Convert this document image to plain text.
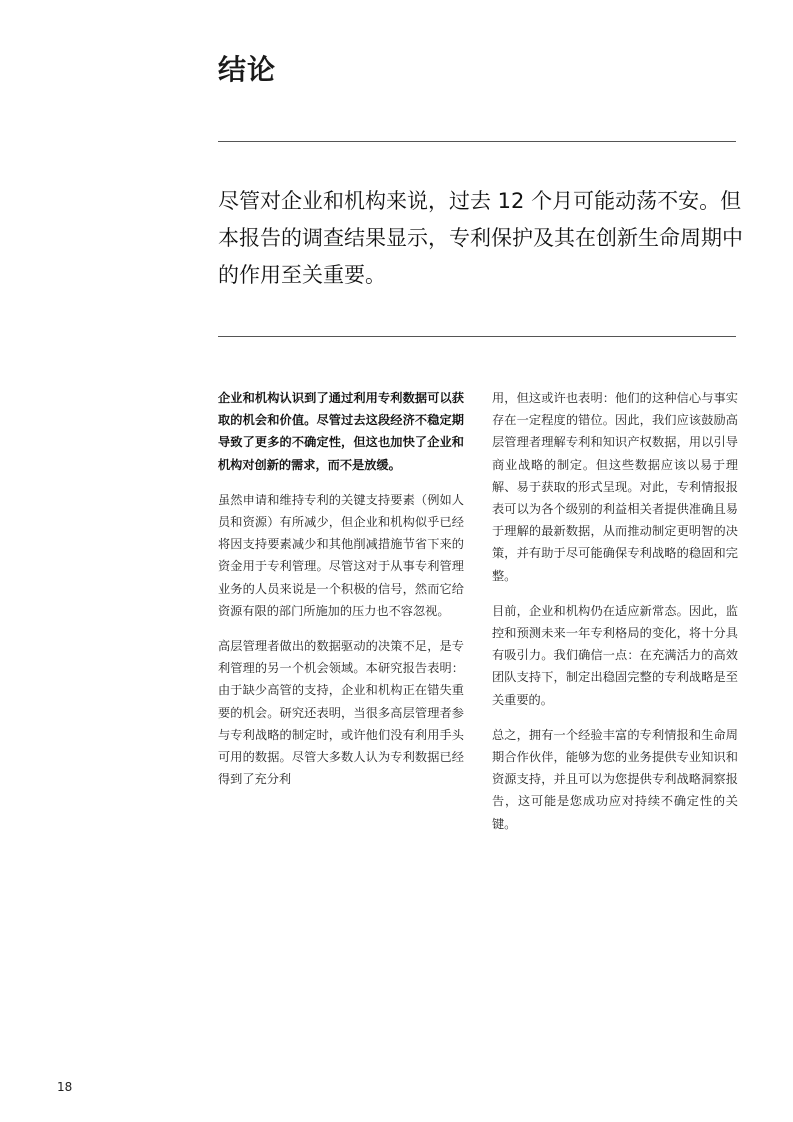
结论

尽管对企业和机构来说，过去 12 个月可能动荡不安。但本报告的调查结果显示，专利保护及其在创新生命周期中的作用至关重要。

企业和机构认识到了通过利用专利数据可以获取的机会和价值。尽管过去这段经济不稳定期导致了更多的不确定性，但这也加快了企业和机构对创新的需求，而不是放缓。

虽然申请和维持专利的关键支持要素（例如人员和资源）有所减少，但企业和机构似乎已经将因支持要素减少和其他削减措施节省下来的资金用于专利管理。尽管这对于从事专利管理业务的人员来说是一个积极的信号，然而它给资源有限的部门所施加的压力也不容忽视。

高层管理者做出的数据驱动的决策不足，是专利管理的另一个机会领域。本研究报告表明：由于缺少高管的支持，企业和机构正在错失重要的机会。研究还表明，当很多高层管理者参与专利战略的制定时，或许他们没有利用手头可用的数据。尽管大多数人认为专利数据已经得到了充分利

用，但这或许也表明：他们的这种信心与事实存在一定程度的错位。因此，我们应该鼓励高层管理者理解专利和知识产权数据，用以引导商业战略的制定。但这些数据应该以易于理解、易于获取的形式呈现。对此，专利情报报表可以为各个级别的利益相关者提供准确且易于理解的最新数据，从而推动制定更明智的决策，并有助于尽可能确保专利战略的稳固和完整。

目前，企业和机构仍在适应新常态。因此，监控和预测未来一年专利格局的变化，将十分具有吸引力。我们确信一点：在充满活力的高效团队支持下，制定出稳固完整的专利战略是至关重要的。

总之，拥有一个经验丰富的专利情报和生命周期合作伙伴，能够为您的业务提供专业知识和资源支持，并且可以为您提供专利战略洞察报告，这可能是您成功应对持续不确定性的关键。

18
